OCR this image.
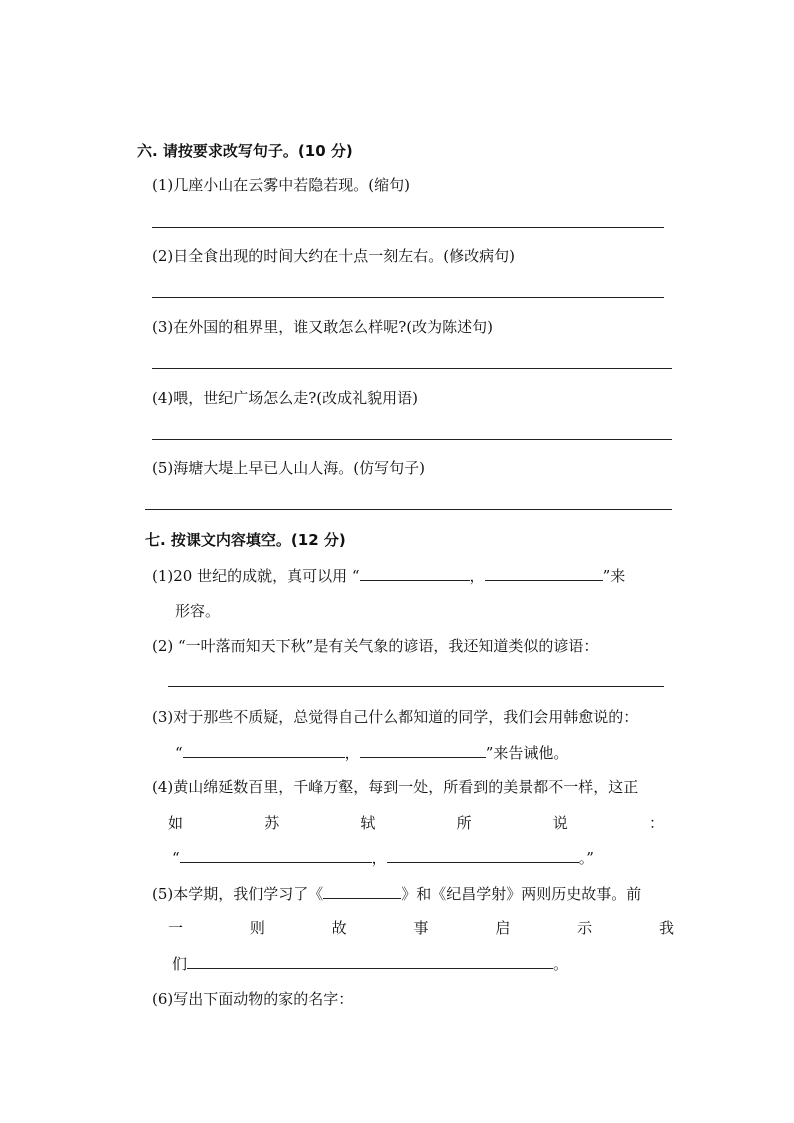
六. 请按要求改写句子。(10 分)
(1)几座小山在云雾中若隐若现。(缩句)
(2)日全食出现的时间大约在十点一刻左右。(修改病句)
(3)在外国的租界里，谁又敢怎么样呢?(改为陈述句)
(4)喂，世纪广场怎么走?(改成礼貌用语)
(5)海塘大堤上早已人山人海。(仿写句子)
七. 按课文内容填空。(12 分)
(1)20 世纪的成就，真可以用 “	，	”来
形容。
(2) “一叶落而知天下秋”是有关气象的谚语，我还知道类似的谚语：
(3)对于那些不质疑，总觉得自己什么都知道的同学，我们会用韩愈说的：
“	，	”来告诫他。
(4)黄山绵延数百里，千峰万壑，每到一处，所看到的美景都不一样，这正
如	苏	轼	所	说	：
“	，	。”
(5)本学期，我们学习了《	》和《纪昌学射》两则历史故事。前
一	则	故	事	启	示	我
们	。
(6)写出下面动物的家的名字：
